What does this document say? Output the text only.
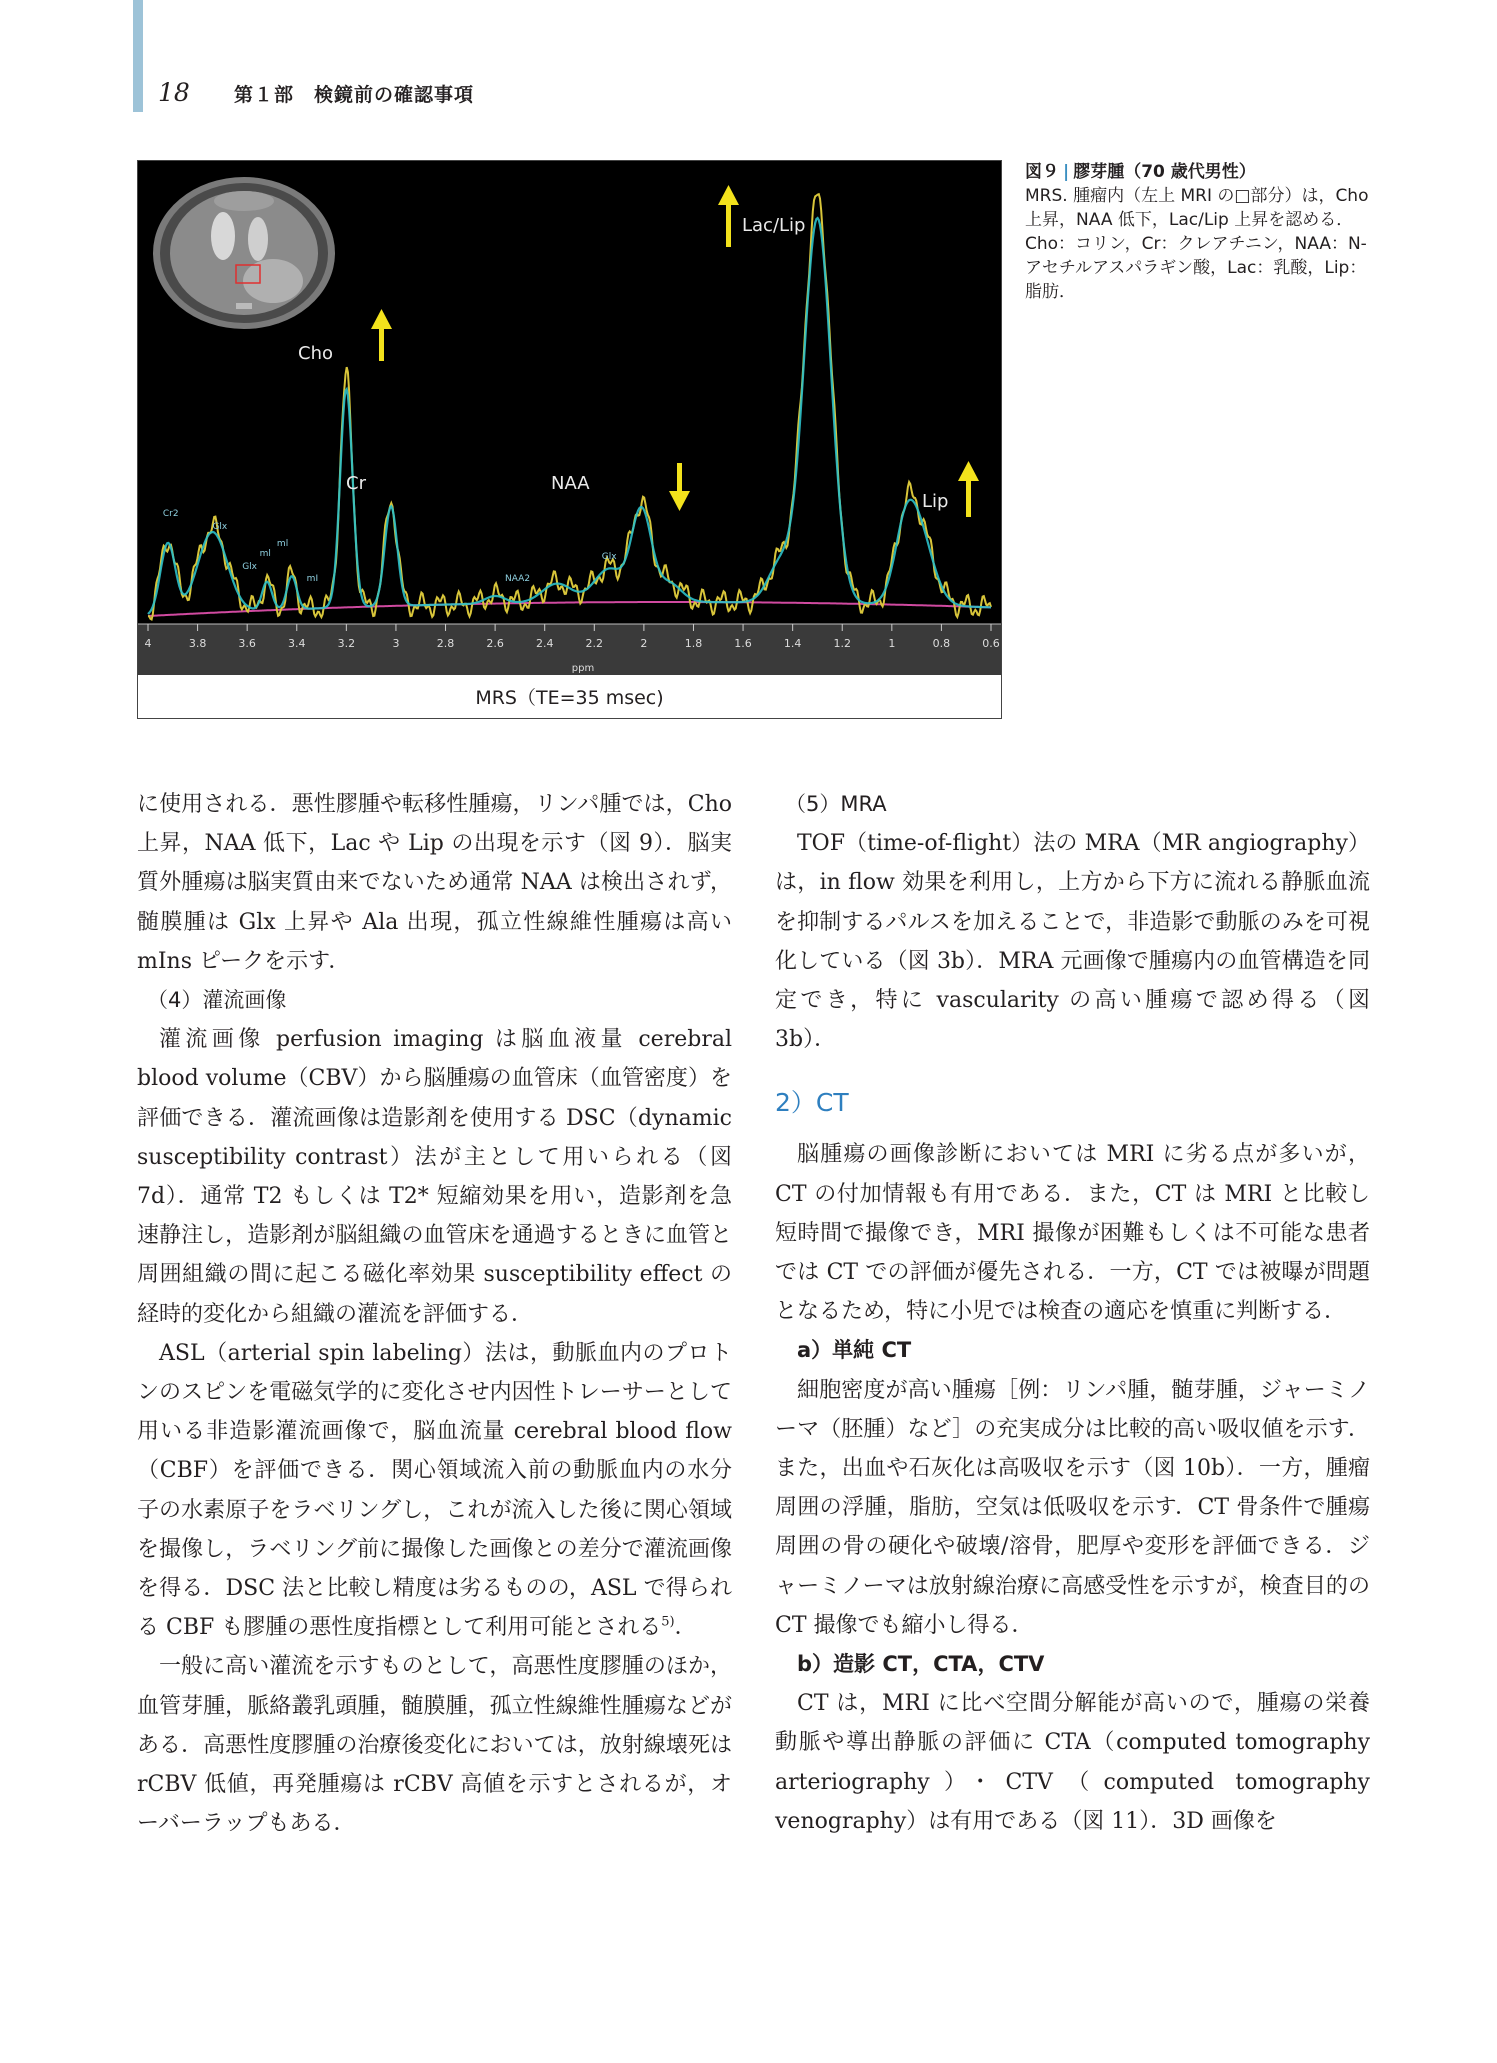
18	第１部　検鏡前の確認事項
4	3.8	3.6	3.4	3.2	3	2.8	2.6	2.4	2.2	2	1.8	1.6	1.4	1.2	1	0.8	0.6
ppm
Cr2
Glx
ml
ml
mI
Glx
NAA2
Glx
Cho
Cr	NAA
Lac/Lip
Lip
MRS（TE=35 msec)
図９ | 膠芽腫（70 歳代男性）
MRS. 腫瘤内（左上 MRI の□部分）は，Cho 上昇，NAA 低下，Lac/Lip 上昇を認める．Cho：コリン，Cr：クレアチニン，NAA：N-アセチルアスパラギン酸，Lac：乳酸，Lip：脂肪．

に使用される．悪性膠腫や転移性腫瘍，リンパ腫では，Cho 上昇，NAA 低下，Lac や Lip の出現を示す（図 9）．脳実質外腫瘍は脳実質由来でないため通常 NAA は検出されず，髄膜腫は Glx 上昇や Ala 出現，孤立性線維性腫瘍は高い mIns ピークを示す．

（4）灌流画像

灌流画像 perfusion imaging は脳血液量 cerebral blood volume（CBV）から脳腫瘍の血管床（血管密度）を評価できる．灌流画像は造影剤を使用する DSC（dynamic susceptibility contrast）法が主として用いられる（図 7d）．通常 T2 もしくは T2* 短縮効果を用い，造影剤を急速静注し，造影剤が脳組織の血管床を通過するときに血管と周囲組織の間に起こる磁化率効果 susceptibility effect の経時的変化から組織の灌流を評価する．

ASL（arterial spin labeling）法は，動脈血内のプロトンのスピンを電磁気学的に変化させ内因性トレーサーとして用いる非造影灌流画像で，脳血流量 cerebral blood flow（CBF）を評価できる．関心領域流入前の動脈血内の水分子の水素原子をラベリングし，これが流入した後に関心領域を撮像し，ラベリング前に撮像した画像との差分で灌流画像を得る．DSC 法と比較し精度は劣るものの，ASL で得られる CBF も膠腫の悪性度指標として利用可能とされる$^{5)}$．

一般に高い灌流を示すものとして，高悪性度膠腫のほか，血管芽腫，脈絡叢乳頭腫，髄膜腫，孤立性線維性腫瘍などがある．高悪性度膠腫の治療後変化においては，放射線壊死は rCBV 低値，再発腫瘍は rCBV 高値を示すとされるが，オーバーラップもある．

（5）MRA

TOF（time-of-flight）法の MRA（MR angiography）は，in flow 効果を利用し，上方から下方に流れる静脈血流を抑制するパルスを加えることで，非造影で動脈のみを可視化している（図 3b）．MRA 元画像で腫瘍内の血管構造を同定でき，特に vascularity の高い腫瘍で認め得る（図 3b）．

2）CT

脳腫瘍の画像診断においては MRI に劣る点が多いが，CT の付加情報も有用である．また，CT は MRI と比較し短時間で撮像でき，MRI 撮像が困難もしくは不可能な患者では CT での評価が優先される．一方，CT では被曝が問題となるため，特に小児では検査の適応を慎重に判断する．

a）単純 CT

細胞密度が高い腫瘍［例：リンパ腫，髄芽腫，ジャーミノーマ（胚腫）など］の充実成分は比較的高い吸収値を示す．また，出血や石灰化は高吸収を示す（図 10b）．一方，腫瘤周囲の浮腫，脂肪，空気は低吸収を示す．CT 骨条件で腫瘍周囲の骨の硬化や破壊/溶骨，肥厚や変形を評価できる．ジャーミノーマは放射線治療に高感受性を示すが，検査目的の CT 撮像でも縮小し得る．

b）造影 CT，CTA，CTV

CT は，MRI に比べ空間分解能が高いので，腫瘍の栄養動脈や導出静脈の評価に CTA（computed tomography arteriography）・CTV（computed tomography venography）は有用である（図 11）．3D 画像を
